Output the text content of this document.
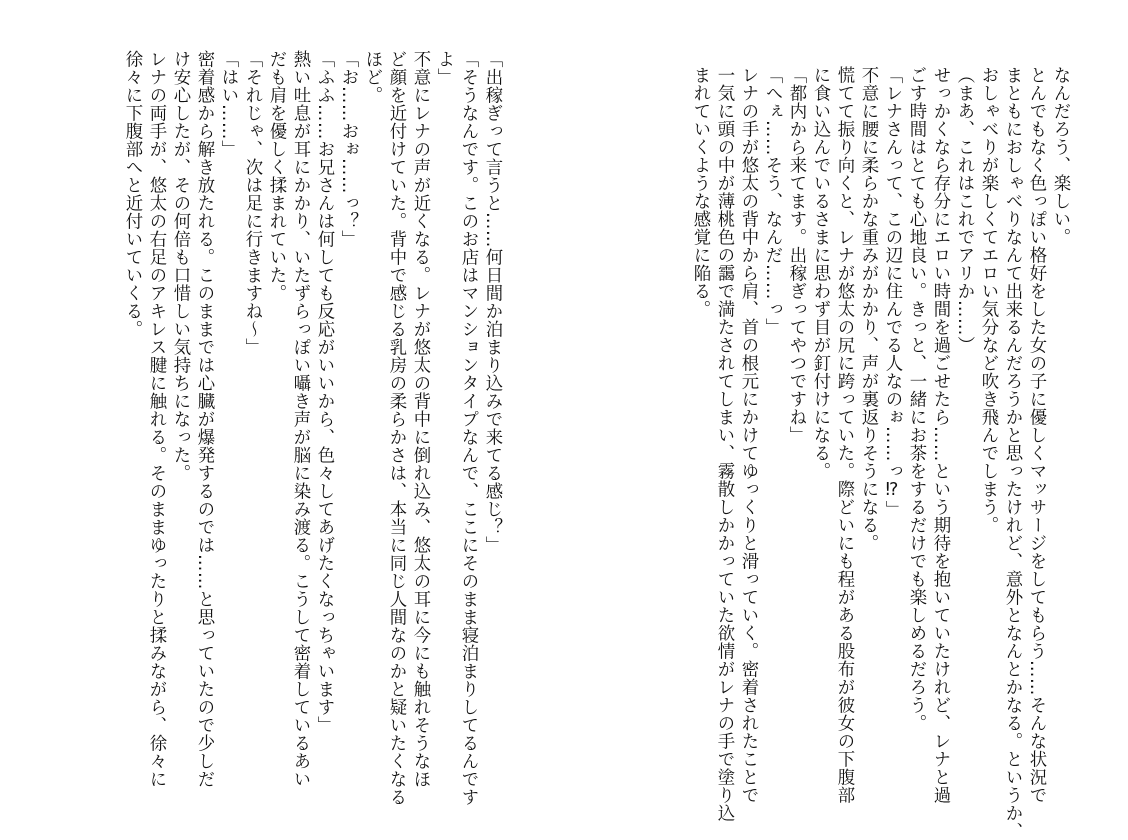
なんだろう、楽しい。
とんでもなく色っぽい格好をした女の子に優しくマッサージをしてもらう……そんな状況で
まともにおしゃべりなんて出来るんだろうかと思ったけれど、意外となんとかなる。というか、
おしゃべりが楽しくてエロい気分など吹き飛んでしまう。
（まあ、これはこれでアリか……）
せっかくなら存分にエロい時間を過ごせたら……という期待を抱いていたけれど、レナと過
ごす時間はとても心地良い。きっと、一緒にお茶をするだけでも楽しめるだろう。
「レナさんって、この辺に住んでる人なのぉ……っ⁉」
不意に腰に柔らかな重みがかかり、声が裏返りそうになる。
慌てて振り向くと、レナが悠太の尻に跨っていた。際どいにも程がある股布が彼女の下腹部
に食い込んでいるさまに思わず目が釘付けになる。
「都内から来てます。出稼ぎってやつですね」
「へぇ……そう、なんだ……っ」
レナの手が悠太の背中から肩、首の根元にかけてゆっくりと滑っていく。密着されたことで
一気に頭の中が薄桃色の靄で満たされてしまい、霧散しかかっていた欲情がレナの手で塗り込
まれていくような感覚に陥る。
「出稼ぎって言うと……何日間か泊まり込みで来てる感じ？」
「そうなんです。このお店はマンションタイプなんで、ここにそのまま寝泊まりしてるんです
よ」
不意にレナの声が近くなる。レナが悠太の背中に倒れ込み、悠太の耳に今にも触れそうなほ
ど顔を近付けていた。背中で感じる乳房の柔らかさは、本当に同じ人間なのかと疑いたくなる
ほど。
「お……おぉ……っ？」
「ふふ……お兄さんは何しても反応がいいから、色々してあげたくなっちゃいます」
熱い吐息が耳にかかり、いたずらっぽい囁き声が脳に染み渡る。こうして密着しているあい
だも肩を優しく揉まれていた。
「それじゃ、次は足に行きますね～」
「はい……」
密着感から解き放たれる。このままでは心臓が爆発するのでは……と思っていたので少しだ
け安心したが、その何倍も口惜しい気持ちになった。
レナの両手が、悠太の右足のアキレス腱に触れる。そのままゆったりと揉みながら、徐々に
徐々に下腹部へと近付いていくる。
